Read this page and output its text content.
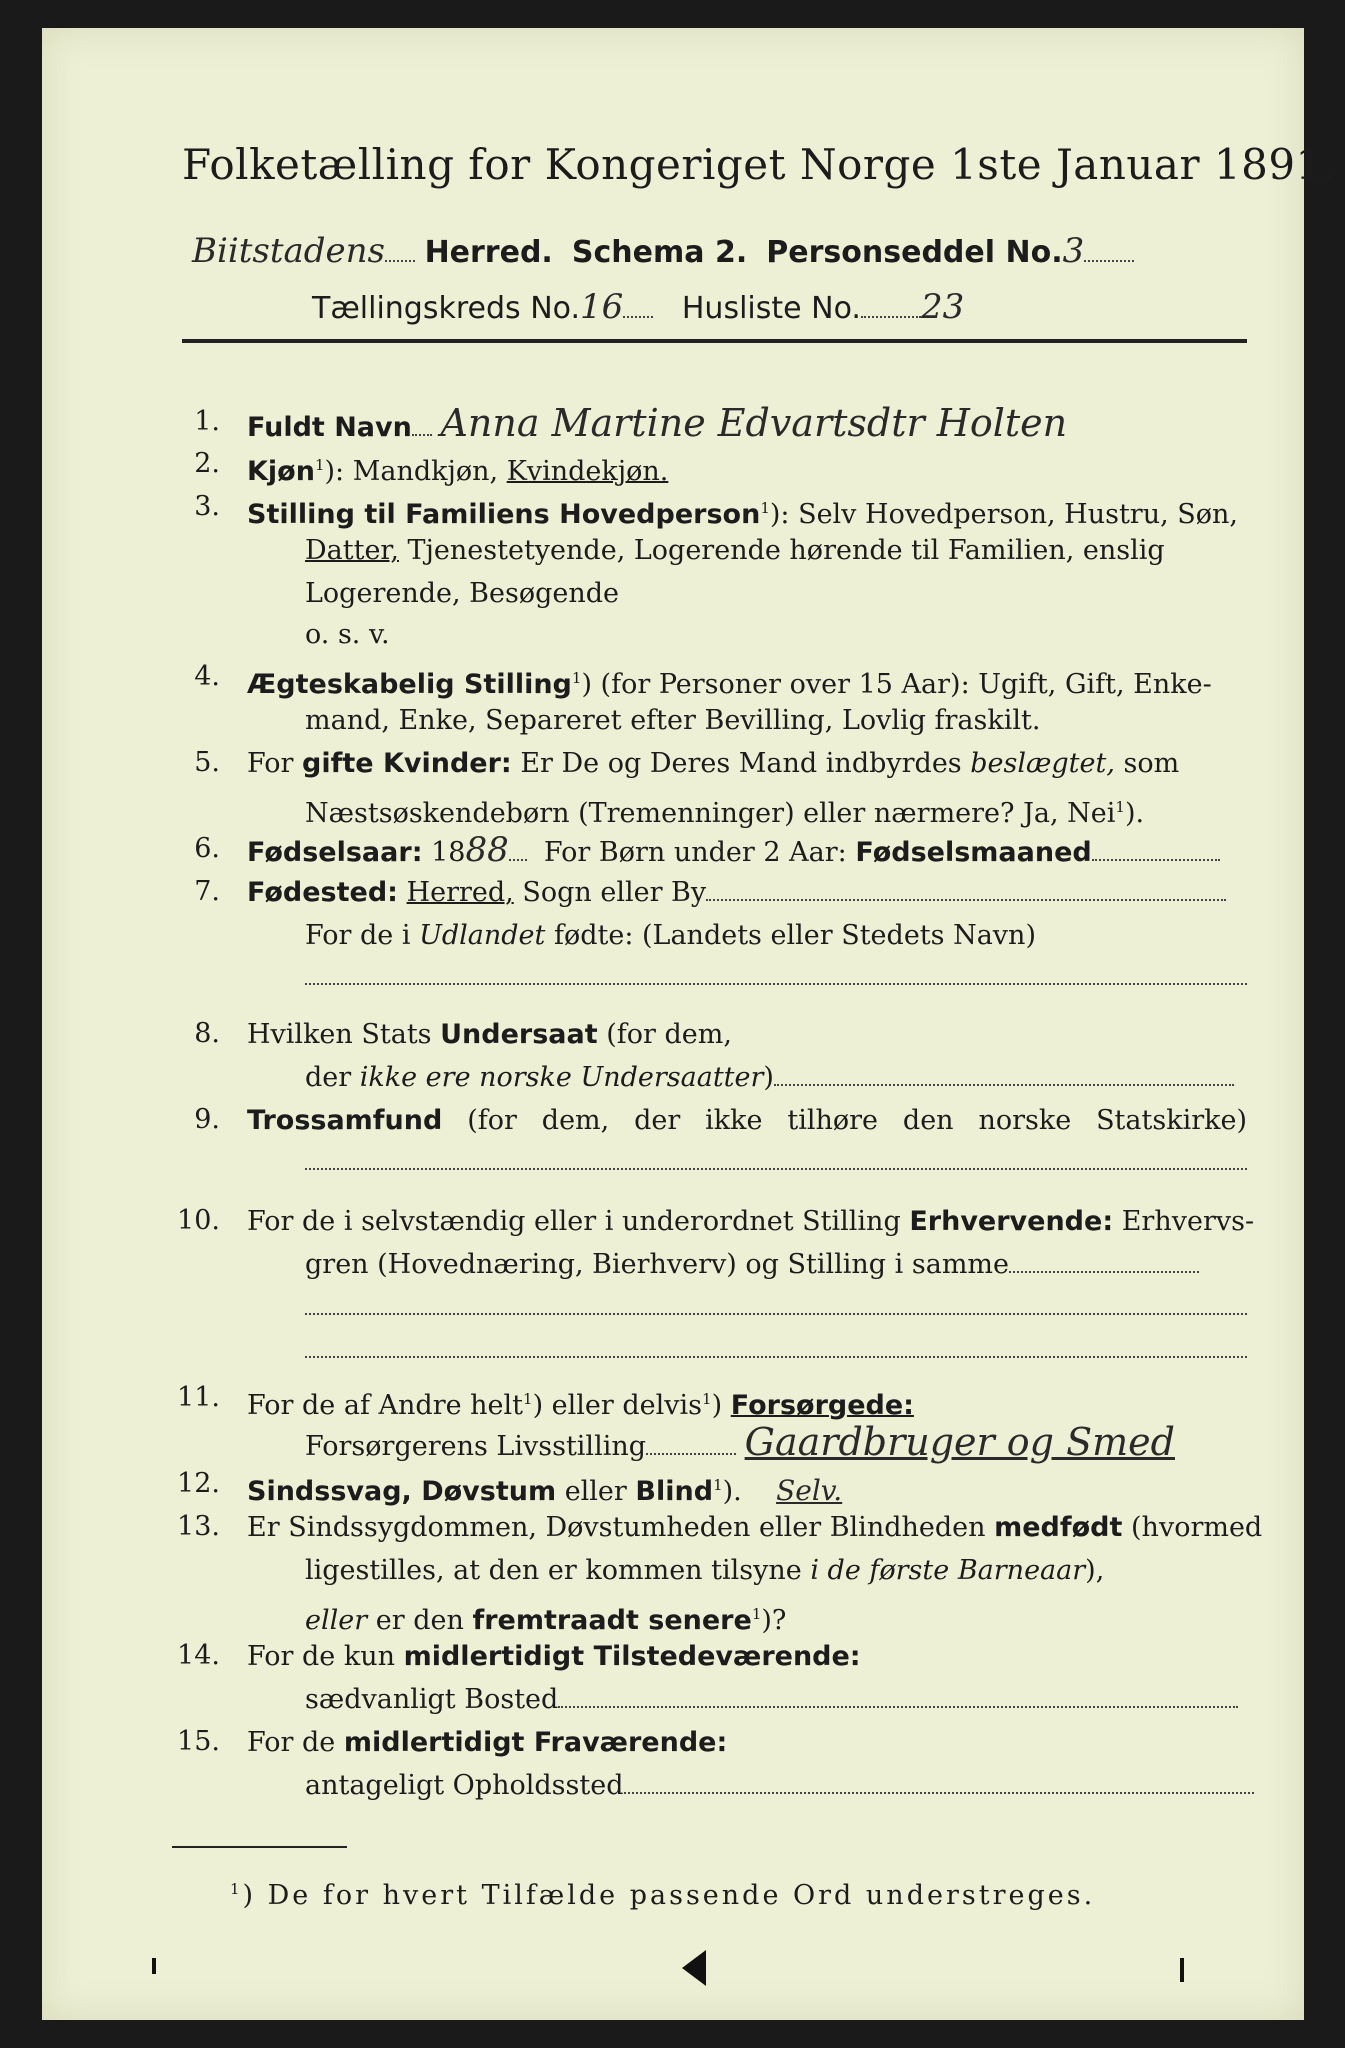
Folketælling for Kongeriget Norge 1ste Januar 1891.
Biitstadens Herred. Schema 2. Personseddel No.3
Tællingskreds No.16 Husliste No. 23
1. Fuldt Navn Anna Martine Edvartsdtr Holten
2. Kjøn$^1$): Mandkjøn, Kvindekjøn.
3. Stilling til Familiens Hovedperson$^1$): Selv Hovedperson, Hustru, Søn,
Datter, Tjenestetyende, Logerende hørende til Familien, enslig
Logerende, Besøgende
o. s. v.
4. Ægteskabelig Stilling$^1$) (for Personer over 15 Aar): Ugift, Gift, Enke-
mand, Enke, Separeret efter Bevilling, Lovlig fraskilt.
5. For gifte Kvinder: Er De og Deres Mand indbyrdes beslægtet, som
Næstsøskendebørn (Tremenninger) eller nærmere? Ja, Nei$^1$).
6. Fødselsaar: 1888 For Børn under 2 Aar: Fødselsmaaned
7. Fødested: Herred, Sogn eller By
For de i Udlandet fødte: (Landets eller Stedets Navn)
8. Hvilken Stats Undersaat (for dem,
der ikke ere norske Undersaatter)
9. Trossamfund (for dem, der ikke tilhøre den norske Statskirke)
10. For de i selvstændig eller i underordnet Stilling Erhvervende: Erhvervs-
gren (Hovednæring, Bierhverv) og Stilling i samme
11. For de af Andre helt$^1$) eller delvis$^1$) Forsørgede:
Forsørgerens Livsstilling	Gaardbruger og Smed
12. Sindssvag, Døvstum eller Blind$^1$). Selv.
13. Er Sindssygdommen, Døvstumheden eller Blindheden medfødt (hvormed
ligestilles, at den er kommen tilsyne i de første Barneaar),
eller er den fremtraadt senere$^1$)?
14. For de kun midlertidigt Tilstedeværende:
sædvanligt Bosted
15. For de midlertidigt Fraværende:
antageligt Opholdssted
$^1$) De for hvert Tilfælde passende Ord understreges.
